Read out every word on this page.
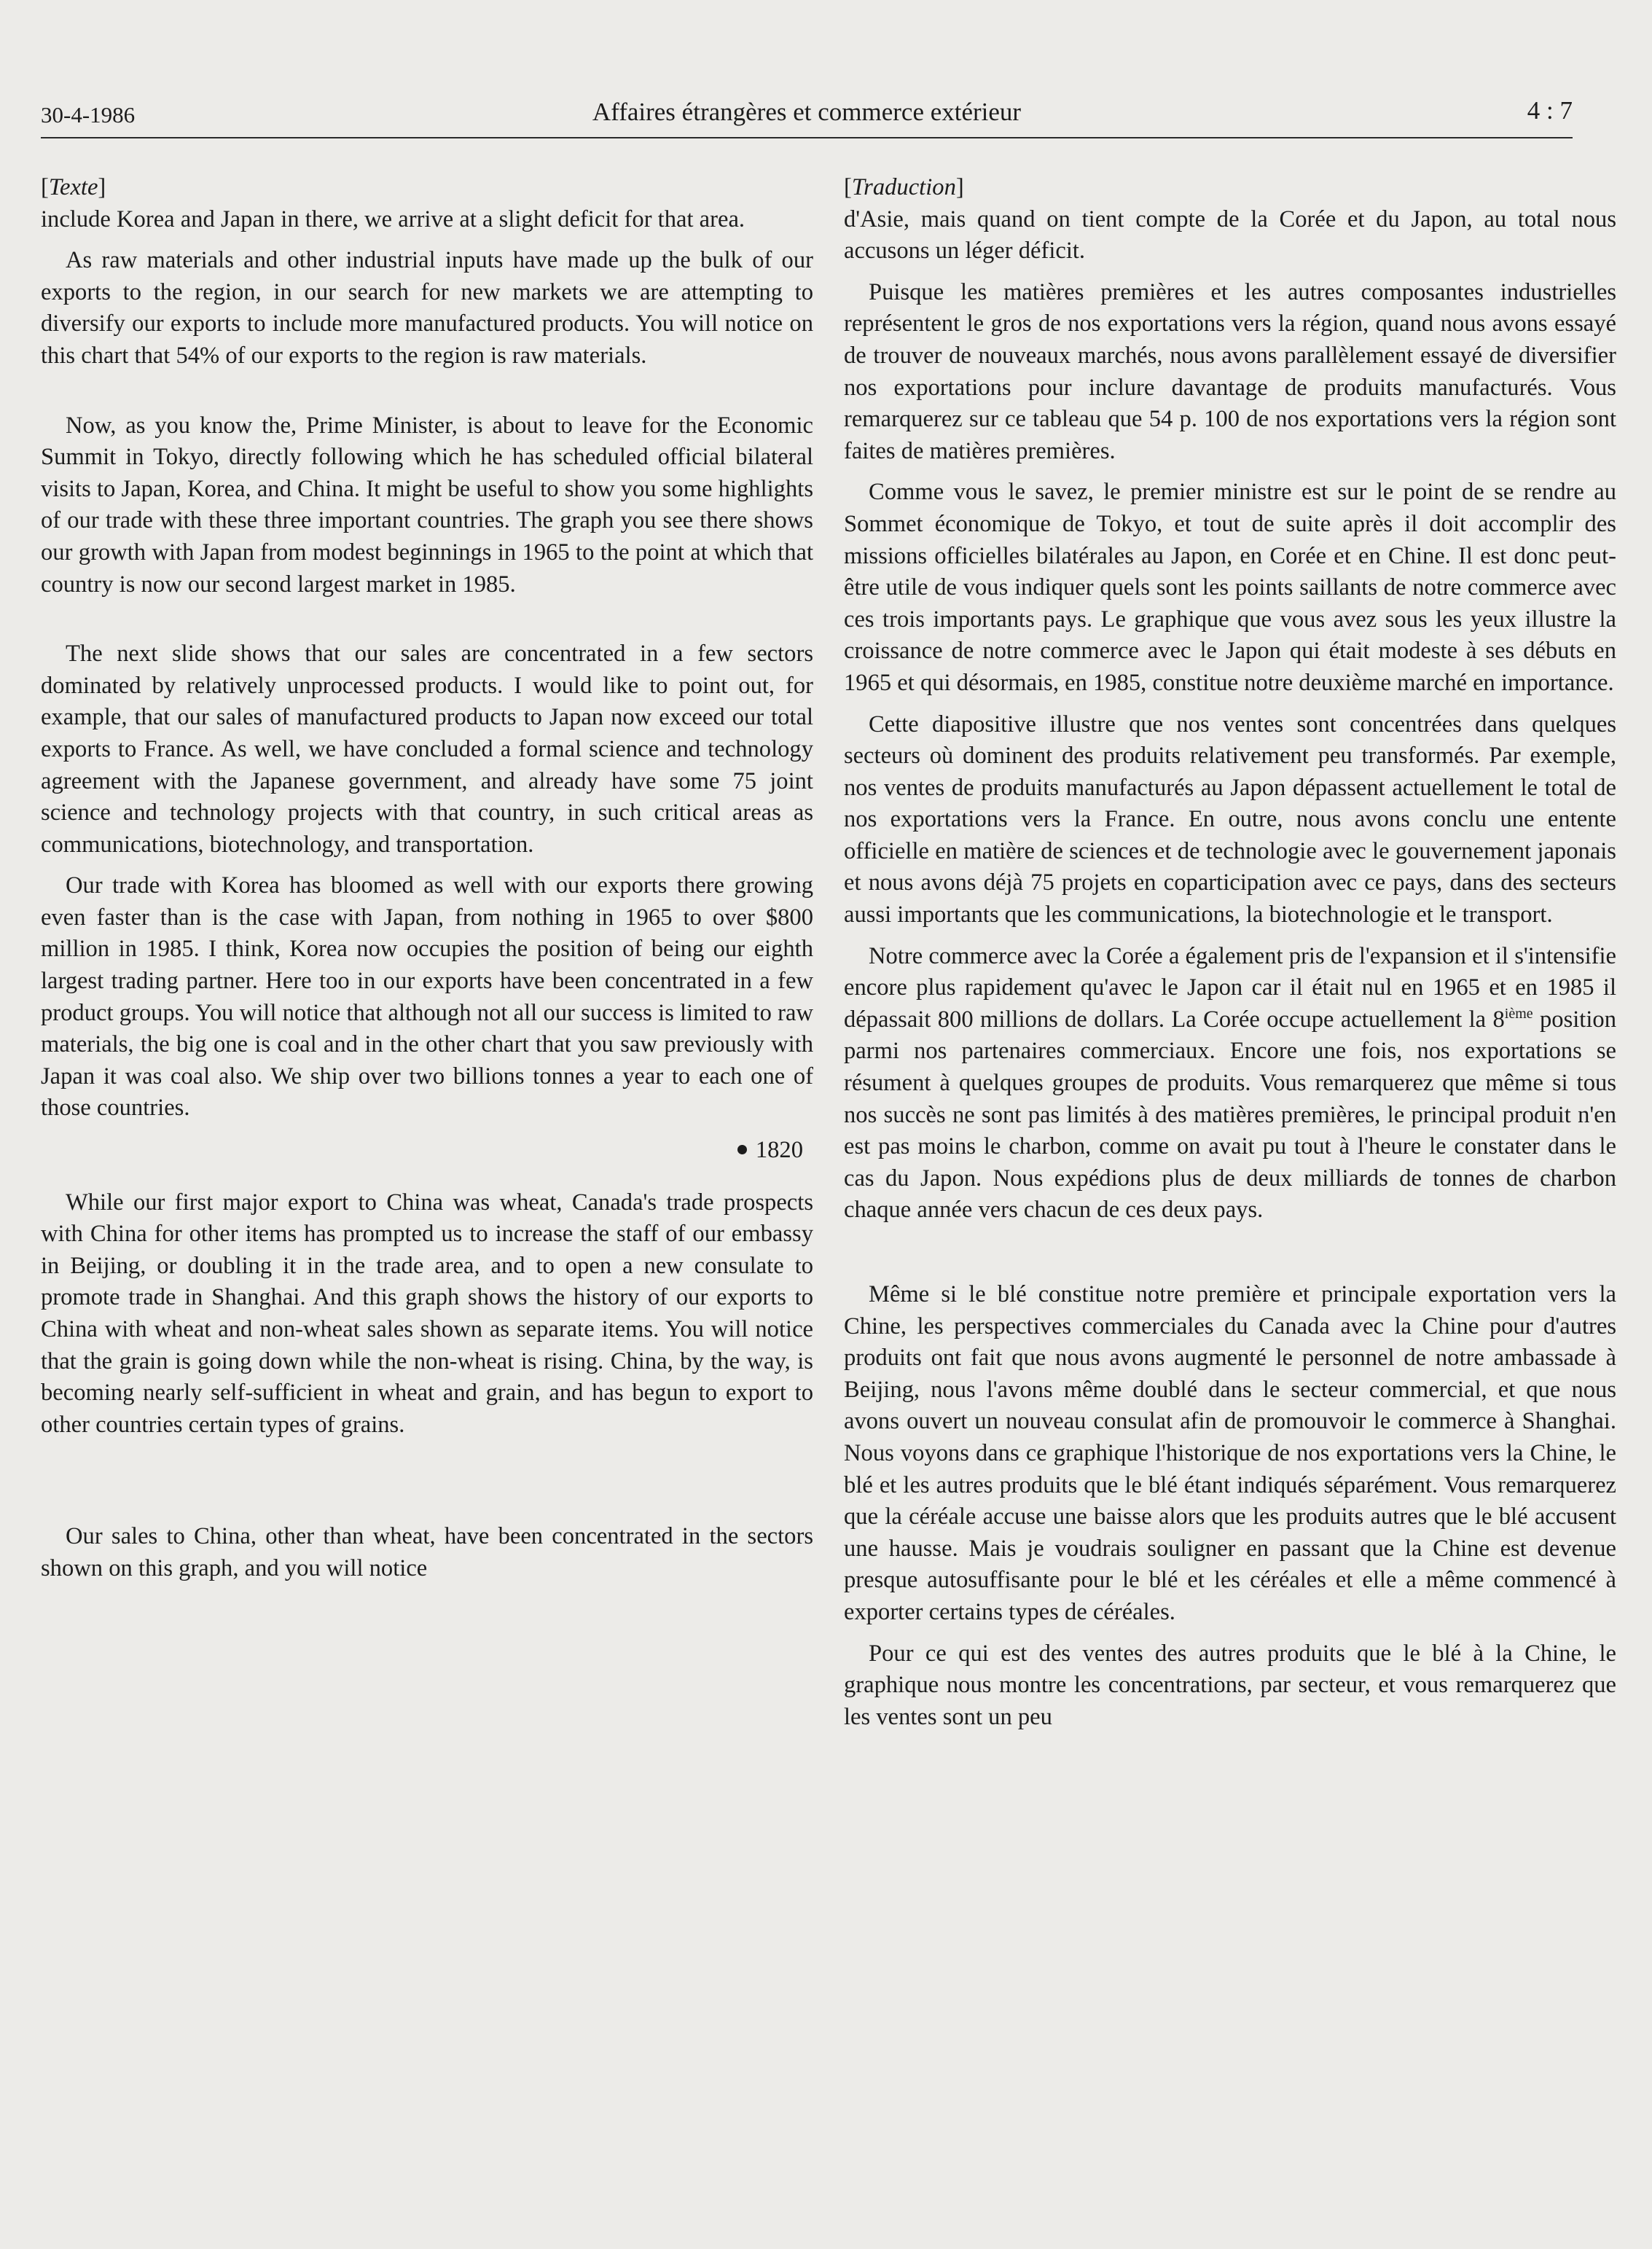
30-4-1986	Affaires étrangères et commerce extérieur	4 : 7
[Texte]

include Korea and Japan in there, we arrive at a slight deficit for that area.

As raw materials and other industrial inputs have made up the bulk of our exports to the region, in our search for new markets we are attempting to diversify our exports to include more manufactured products. You will notice on this chart that 54% of our exports to the region is raw materials.

Now, as you know the, Prime Minister, is about to leave for the Economic Summit in Tokyo, directly following which he has scheduled official bilateral visits to Japan, Korea, and China. It might be useful to show you some highlights of our trade with these three important countries. The graph you see there shows our growth with Japan from modest beginnings in 1965 to the point at which that country is now our second largest market in 1985.

The next slide shows that our sales are concentrated in a few sectors dominated by relatively unprocessed products. I would like to point out, for example, that our sales of manufactured products to Japan now exceed our total exports to France. As well, we have concluded a formal science and technology agreement with the Japanese government, and already have some 75 joint science and technology projects with that country, in such critical areas as communications, biotechnology, and transportation.

Our trade with Korea has bloomed as well with our exports there growing even faster than is the case with Japan, from nothing in 1965 to over $800 million in 1985. I think, Korea now occupies the position of being our eighth largest trading partner. Here too in our exports have been concentrated in a few product groups. You will notice that although not all our success is limited to raw materials, the big one is coal and in the other chart that you saw previously with Japan it was coal also. We ship over two billions tonnes a year to each one of those countries.

1820

While our first major export to China was wheat, Canada's trade prospects with China for other items has prompted us to increase the staff of our embassy in Beijing, or doubling it in the trade area, and to open a new consulate to promote trade in Shanghai. And this graph shows the history of our exports to China with wheat and non-wheat sales shown as separate items. You will notice that the grain is going down while the non-wheat is rising. China, by the way, is becoming nearly self-sufficient in wheat and grain, and has begun to export to other countries certain types of grains.

Our sales to China, other than wheat, have been concentrated in the sectors shown on this graph, and you will notice

[Traduction]

d'Asie, mais quand on tient compte de la Corée et du Japon, au total nous accusons un léger déficit.

Puisque les matières premières et les autres composantes industrielles représentent le gros de nos exportations vers la région, quand nous avons essayé de trouver de nouveaux marchés, nous avons parallèlement essayé de diversifier nos exportations pour inclure davantage de produits manufacturés. Vous remarquerez sur ce tableau que 54 p. 100 de nos exportations vers la région sont faites de matières premières.

Comme vous le savez, le premier ministre est sur le point de se rendre au Sommet économique de Tokyo, et tout de suite après il doit accomplir des missions officielles bilatérales au Japon, en Corée et en Chine. Il est donc peut-être utile de vous indiquer quels sont les points saillants de notre commerce avec ces trois importants pays. Le graphique que vous avez sous les yeux illustre la croissance de notre commerce avec le Japon qui était modeste à ses débuts en 1965 et qui désormais, en 1985, constitue notre deuxième marché en importance.

Cette diapositive illustre que nos ventes sont concentrées dans quelques secteurs où dominent des produits relativement peu transformés. Par exemple, nos ventes de produits manufacturés au Japon dépassent actuellement le total de nos exportations vers la France. En outre, nous avons conclu une entente officielle en matière de sciences et de technologie avec le gouvernement japonais et nous avons déjà 75 projets en coparticipation avec ce pays, dans des secteurs aussi importants que les communications, la biotechnologie et le transport.

Notre commerce avec la Corée a également pris de l'expansion et il s'intensifie encore plus rapidement qu'avec le Japon car il était nul en 1965 et en 1985 il dépassait 800 millions de dollars. La Corée occupe actuellement la 8ième position parmi nos partenaires commerciaux. Encore une fois, nos exportations se résument à quelques groupes de produits. Vous remarquerez que même si tous nos succès ne sont pas limités à des matières premières, le principal produit n'en est pas moins le charbon, comme on avait pu tout à l'heure le constater dans le cas du Japon. Nous expédions plus de deux milliards de tonnes de charbon chaque année vers chacun de ces deux pays.

Même si le blé constitue notre première et principale exportation vers la Chine, les perspectives commerciales du Canada avec la Chine pour d'autres produits ont fait que nous avons augmenté le personnel de notre ambassade à Beijing, nous l'avons même doublé dans le secteur commercial, et que nous avons ouvert un nouveau consulat afin de promouvoir le commerce à Shanghai. Nous voyons dans ce graphique l'historique de nos exportations vers la Chine, le blé et les autres produits que le blé étant indiqués séparément. Vous remarquerez que la céréale accuse une baisse alors que les produits autres que le blé accusent une hausse. Mais je voudrais souligner en passant que la Chine est devenue presque autosuffisante pour le blé et les céréales et elle a même commencé à exporter certains types de céréales.

Pour ce qui est des ventes des autres produits que le blé à la Chine, le graphique nous montre les concentrations, par secteur, et vous remarquerez que les ventes sont un peu
